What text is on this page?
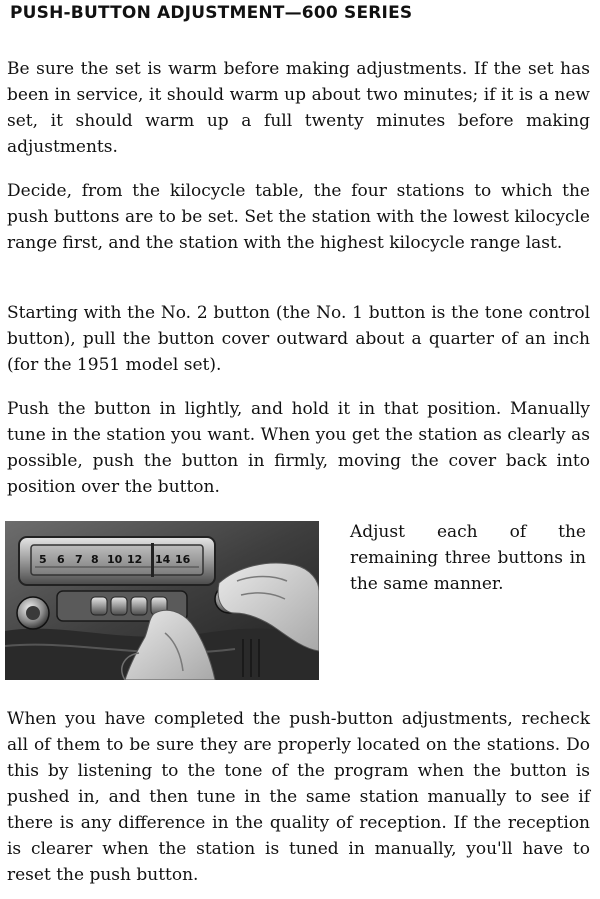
PUSH-BUTTON ADJUSTMENT—600 SERIES

Be sure the set is warm before making adjustments. If the set has been in service, it should warm up about two minutes; if it is a new set, it should warm up a full twenty minutes before making adjustments.

Decide, from the kilocycle table, the four stations to which the push buttons are to be set. Set the station with the lowest kilocycle range first, and the station with the highest kilocycle range last.

Starting with the No. 2 button (the No. 1 button is the tone control button), pull the button cover outward about a quarter of an inch (for the 1951 model set).

Push the button in lightly, and hold it in that position. Manually tune in the station you want. When you get the station as clearly as possible, push the button in firmly, moving the cover back into position over the button.

5 6 7 8 10 12 14 16

Adjust each of the remaining three buttons in the same manner.

When you have completed the push-button adjustments, recheck all of them to be sure they are properly located on the stations. Do this by listening to the tone of the program when the button is pushed in, and then tune in the same station manually to see if there is any difference in the quality of reception. If the reception is clearer when the station is tuned in manually, you'll have to reset the push button.
